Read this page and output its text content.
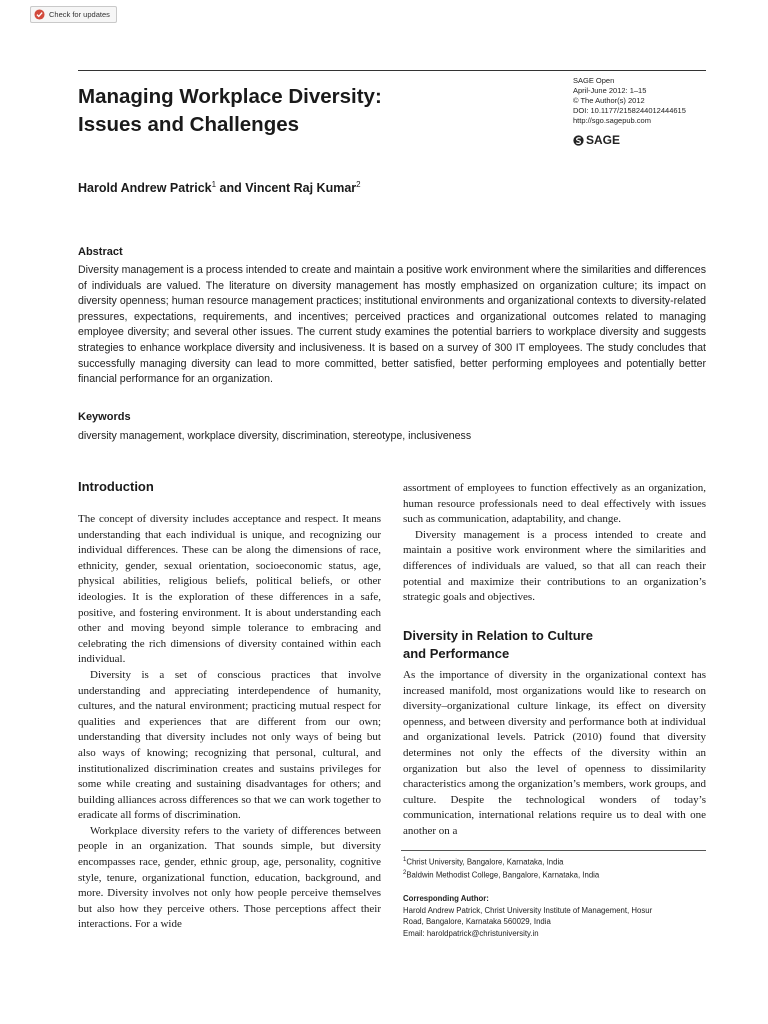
Check for updates
Managing Workplace Diversity:
Issues and Challenges
SAGE Open
April-June 2012: 1–15
© The Author(s) 2012
DOI: 10.1177/2158244012444615
http://sgo.sagepub.com
SAGE
Harold Andrew Patrick$^1$ and Vincent Raj Kumar$^2$
Abstract

Diversity management is a process intended to create and maintain a positive work environment where the similarities and differences of individuals are valued. The literature on diversity management has mostly emphasized on organization culture; its impact on diversity openness; human resource management practices; institutional environments and organizational contexts to diversity-related pressures, expectations, requirements, and incentives; perceived practices and organizational outcomes related to managing employee diversity; and several other issues. The current study examines the potential barriers to workplace diversity and suggests strategies to enhance workplace diversity and inclusiveness. It is based on a survey of 300 IT employees. The study concludes that successfully managing diversity can lead to more committed, better satisfied, better performing employees and potentially better financial performance for an organization.

Keywords

diversity management, workplace diversity, discrimination, stereotype, inclusiveness

Introduction

The concept of diversity includes acceptance and respect. It means understanding that each individual is unique, and recognizing our individual differences. These can be along the dimensions of race, ethnicity, gender, sexual orientation, socioeconomic status, age, physical abilities, religious beliefs, political beliefs, or other ideologies. It is the exploration of these differences in a safe, positive, and fostering environment. It is about understanding each other and moving beyond simple tolerance to embracing and celebrating the rich dimensions of diversity contained within each individual.

Diversity is a set of conscious practices that involve understanding and appreciating interdependence of humanity, cultures, and the natural environment; practicing mutual respect for qualities and experiences that are different from our own; understanding that diversity includes not only ways of being but also ways of knowing; recognizing that personal, cultural, and institutionalized discrimination creates and sustains privileges for some while creating and sustaining disadvantages for others; and building alliances across differences so that we can work together to eradicate all forms of discrimination.

Workplace diversity refers to the variety of differences between people in an organization. That sounds simple, but diversity encompasses race, gender, ethnic group, age, personality, cognitive style, tenure, organizational function, education, background, and more. Diversity involves not only how people perceive themselves but also how they perceive others. Those perceptions affect their interactions. For a wide

assortment of employees to function effectively as an organization, human resource professionals need to deal effectively with issues such as communication, adaptability, and change.

Diversity management is a process intended to create and maintain a positive work environment where the similarities and differences of individuals are valued, so that all can reach their potential and maximize their contributions to an organization’s strategic goals and objectives.

Diversity in Relation to Culture
and Performance

As the importance of diversity in the organizational context has increased manifold, most organizations would like to research on diversity–organizational culture linkage, its effect on diversity openness, and between diversity and performance both at individual and organizational levels. Patrick (2010) found that diversity determines not only the effects of the diversity within an organization but also the level of openness to dissimilarity characteristics among the organization’s members, work groups, and culture. Despite the technological wonders of today’s communication, international relations require us to deal with one another on a

$^1$Christ University, Bangalore, Karnataka, India
$^2$Baldwin Methodist College, Bangalore, Karnataka, India
Corresponding Author:
Harold Andrew Patrick, Christ University Institute of Management, Hosur
Road, Bangalore, Karnataka 560029, India
Email: haroldpatrick@christuniversity.in
